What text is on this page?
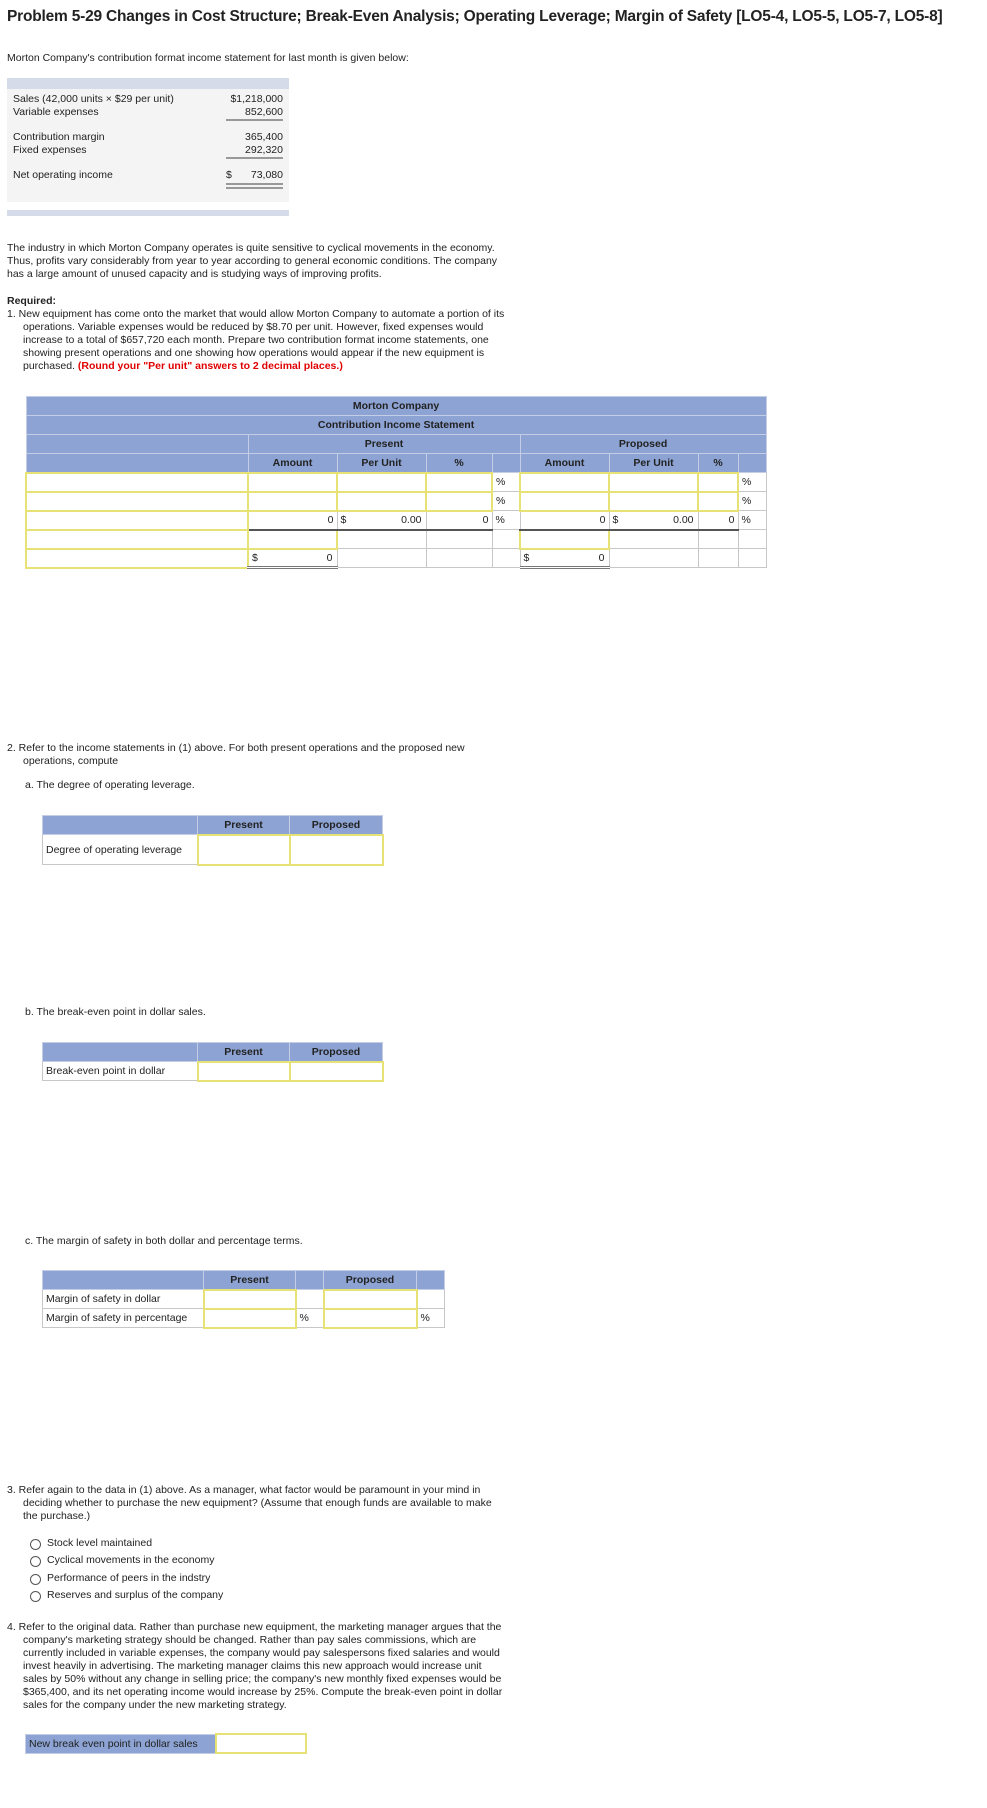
Problem 5-29 Changes in Cost Structure; Break-Even Analysis; Operating Leverage; Margin of Safety [LO5-4, LO5-5, LO5-7, LO5-8]
Morton Company's contribution format income statement for last month is given below:
Sales (42,000 units × $29 per unit)	$1,218,000
Variable expenses	852,600
Contribution margin	365,400
Fixed expenses	292,320
Net operating income	$ 73,080
The industry in which Morton Company operates is quite sensitive to cyclical movements in the economy.
Thus, profits vary considerably from year to year according to general economic conditions. The company
has a large amount of unused capacity and is studying ways of improving profits.
Required:
1. New equipment has come onto the market that would allow Morton Company to automate a portion of its
operations. Variable expenses would be reduced by $8.70 per unit. However, fixed expenses would
increase to a total of $657,720 each month. Prepare two contribution format income statements, one
showing present operations and one showing how operations would appear if the new equipment is
purchased. (Round your "Per unit" answers to 2 decimal places.)
Morton Company								
Contribution Income Statement								
	Present				Proposed			
	Amount	Per Unit	%		Amount	Per Unit	%	
				%				%
				%				%
	0	$ 0.00	0	%	0	$ 0.00	0	%

	$ 0				$ 0			

2. Refer to the income statements in (1) above. For both present operations and the proposed new
operations, compute
a. The degree of operating leverage.
	Present	Proposed
Degree of operating leverage		
b. The break-even point in dollar sales.
	Present	Proposed
Break-even point in dollar		
c. The margin of safety in both dollar and percentage terms.
	Present		Proposed	
Margin of safety in dollar				
Margin of safety in percentage		%		%
3. Refer again to the data in (1) above. As a manager, what factor would be paramount in your mind in
deciding whether to purchase the new equipment? (Assume that enough funds are available to make
the purchase.)
Stock level maintained
Cyclical movements in the economy
Performance of peers in the indstry
Reserves and surplus of the company
4. Refer to the original data. Rather than purchase new equipment, the marketing manager argues that the
company's marketing strategy should be changed. Rather than pay sales commissions, which are
currently included in variable expenses, the company would pay salespersons fixed salaries and would
invest heavily in advertising. The marketing manager claims this new approach would increase unit
sales by 50% without any change in selling price; the company's new monthly fixed expenses would be
$365,400, and its net operating income would increase by 25%. Compute the break-even point in dollar
sales for the company under the new marketing strategy.
New break even point in dollar sales	
